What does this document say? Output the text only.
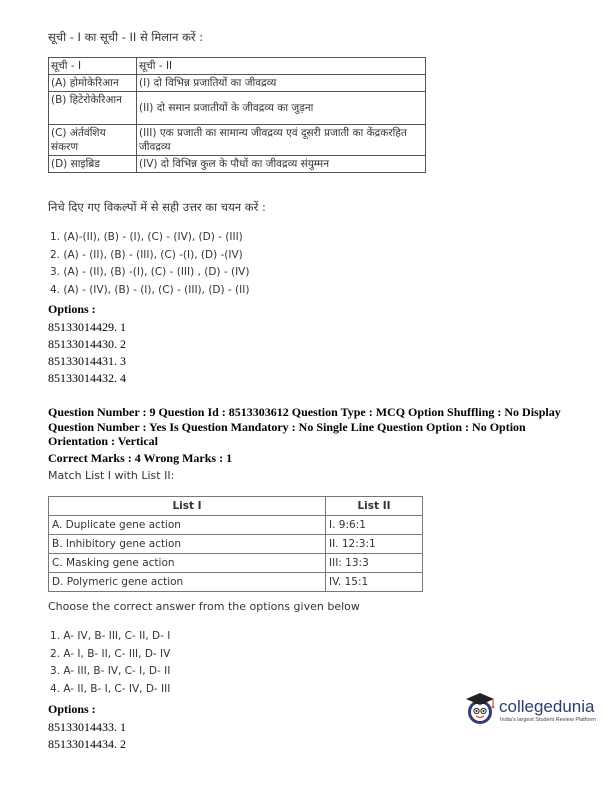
सूची - I का सूची - II से मिलान करें :
सूची - I	सूची - II
(A) होमोकेरिआन	(I) दो विभिन्न प्रजातियों का जीवद्रव्य
(B) हिटेरोकेरिआन	(II) दो समान प्रजातीयों के जीवद्रव्य का जुड़ना
(C) अंर्तवंशिय संकरण	(III) एक प्रजाती का सामान्य जीवद्रव्य एवं दूसरी प्रजाती का केंद्रकरहित जीवद्रव्य
(D) साइब्रिड	(IV) दो विभिन्न कुल के पौधों का जीवद्रव्य संयुम्मन
निचे दिए गए विकल्पों में से सही उत्तर का चयन करें :
1. (A)-(II), (B) - (I), (C) - (IV), (D) - (III)
2. (A) - (II), (B) - (III), (C) -(I), (D) -(IV)
3. (A) - (II), (B) -(I), (C) - (III) , (D) - (IV)
4. (A) - (IV), (B) - (I), (C) - (III), (D) - (II)
Options :
85133014429. 1
85133014430. 2
85133014431. 3
85133014432. 4
Question Number : 9 Question Id : 8513303612 Question Type : MCQ Option Shuffling : No Display
Question Number : Yes Is Question Mandatory : No Single Line Question Option : No Option
Orientation : Vertical
Correct Marks : 4 Wrong Marks : 1
Match List I with List II:
List I	List II
A. Duplicate gene action	I. 9:6:1
B. Inhibitory gene action	II. 12:3:1
C. Masking gene action	III: 13:3
D. Polymeric gene action	IV. 15:1
Choose the correct answer from the options given below
1. A- IV, B- III, C- II, D- I
2. A- I, B- II, C- III, D- IV
3. A- III, B- IV, C- I, D- II
4. A- II, B- I, C- IV, D- III
Options :
85133014433. 1
85133014434. 2
collegedunia
India's largest Student Review Platform
